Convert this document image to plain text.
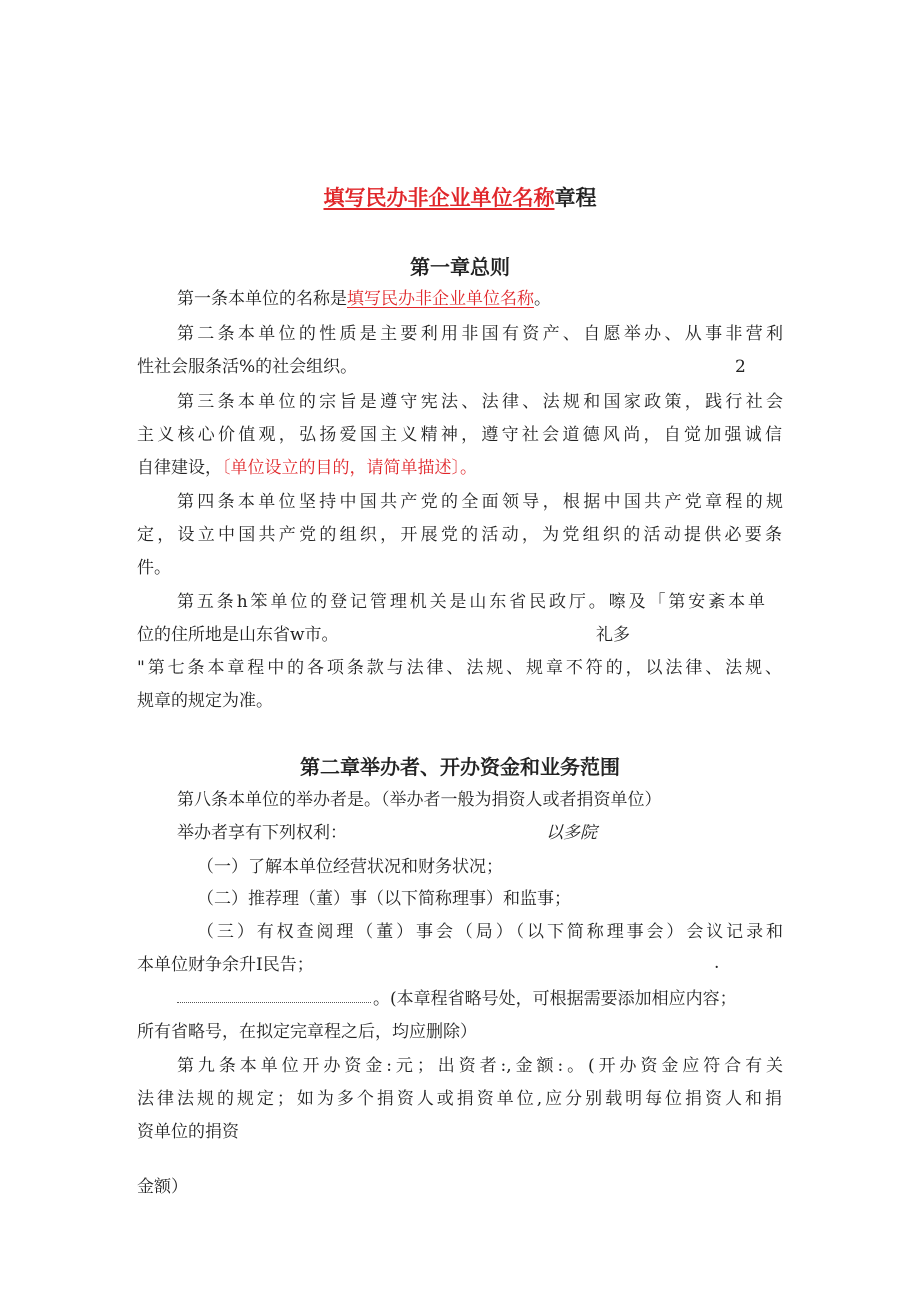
填写民办非企业单位名称章程
第一章总则
第一条本单位的名称是填写民办非企业单位名称。
第二条本单位的性质是主要利用非国有资产、自愿举办、从事非营利
性社会服条活%的社会组织。	2
第三条本单位的宗旨是遵守宪法、法律、法规和国家政策，践行社会
主义核心价值观，弘扬爱国主义精神，遵守社会道德风尚，自觉加强诚信
自律建设，〔单位设立的目的，请简单描述〕。
第四条本单位坚持中国共产党的全面领导，根据中国共产党章程的规
定，设立中国共产党的组织，开展党的活动，为党组织的活动提供必要条
件。
第五条h笨单位的登记管理机关是山东省民政厅。嚓及「第安紊本单
位的住所地是山东省w市。	礼多
"第七条本章程中的各项条款与法律、法规、规章不符的，以法律、法规、
规章的规定为准。
第二章举办者、开办资金和业务范围
第八条本单位的举办者是。（举办者一般为捐资人或者捐资单位）
举办者享有下列权利：	以多院
（一）了解本单位经营状况和财务状况；
（二）推荐理（董）事（以下简称理事）和监事；
（三）有权查阅理（董）事会（局）（以下简称理事会）会议记录和
本单位财争余升I民告；	.
。(本章程省略号处，可根据需要添加相应内容；
所有省略号，在拟定完章程之后，均应删除）
第九条本单位开办资金:元；出资者:,金额:。(开办资金应符合有关
法律法规的规定；如为多个捐资人或捐资单位,应分别载明每位捐资人和捐
资单位的捐资
金额）
